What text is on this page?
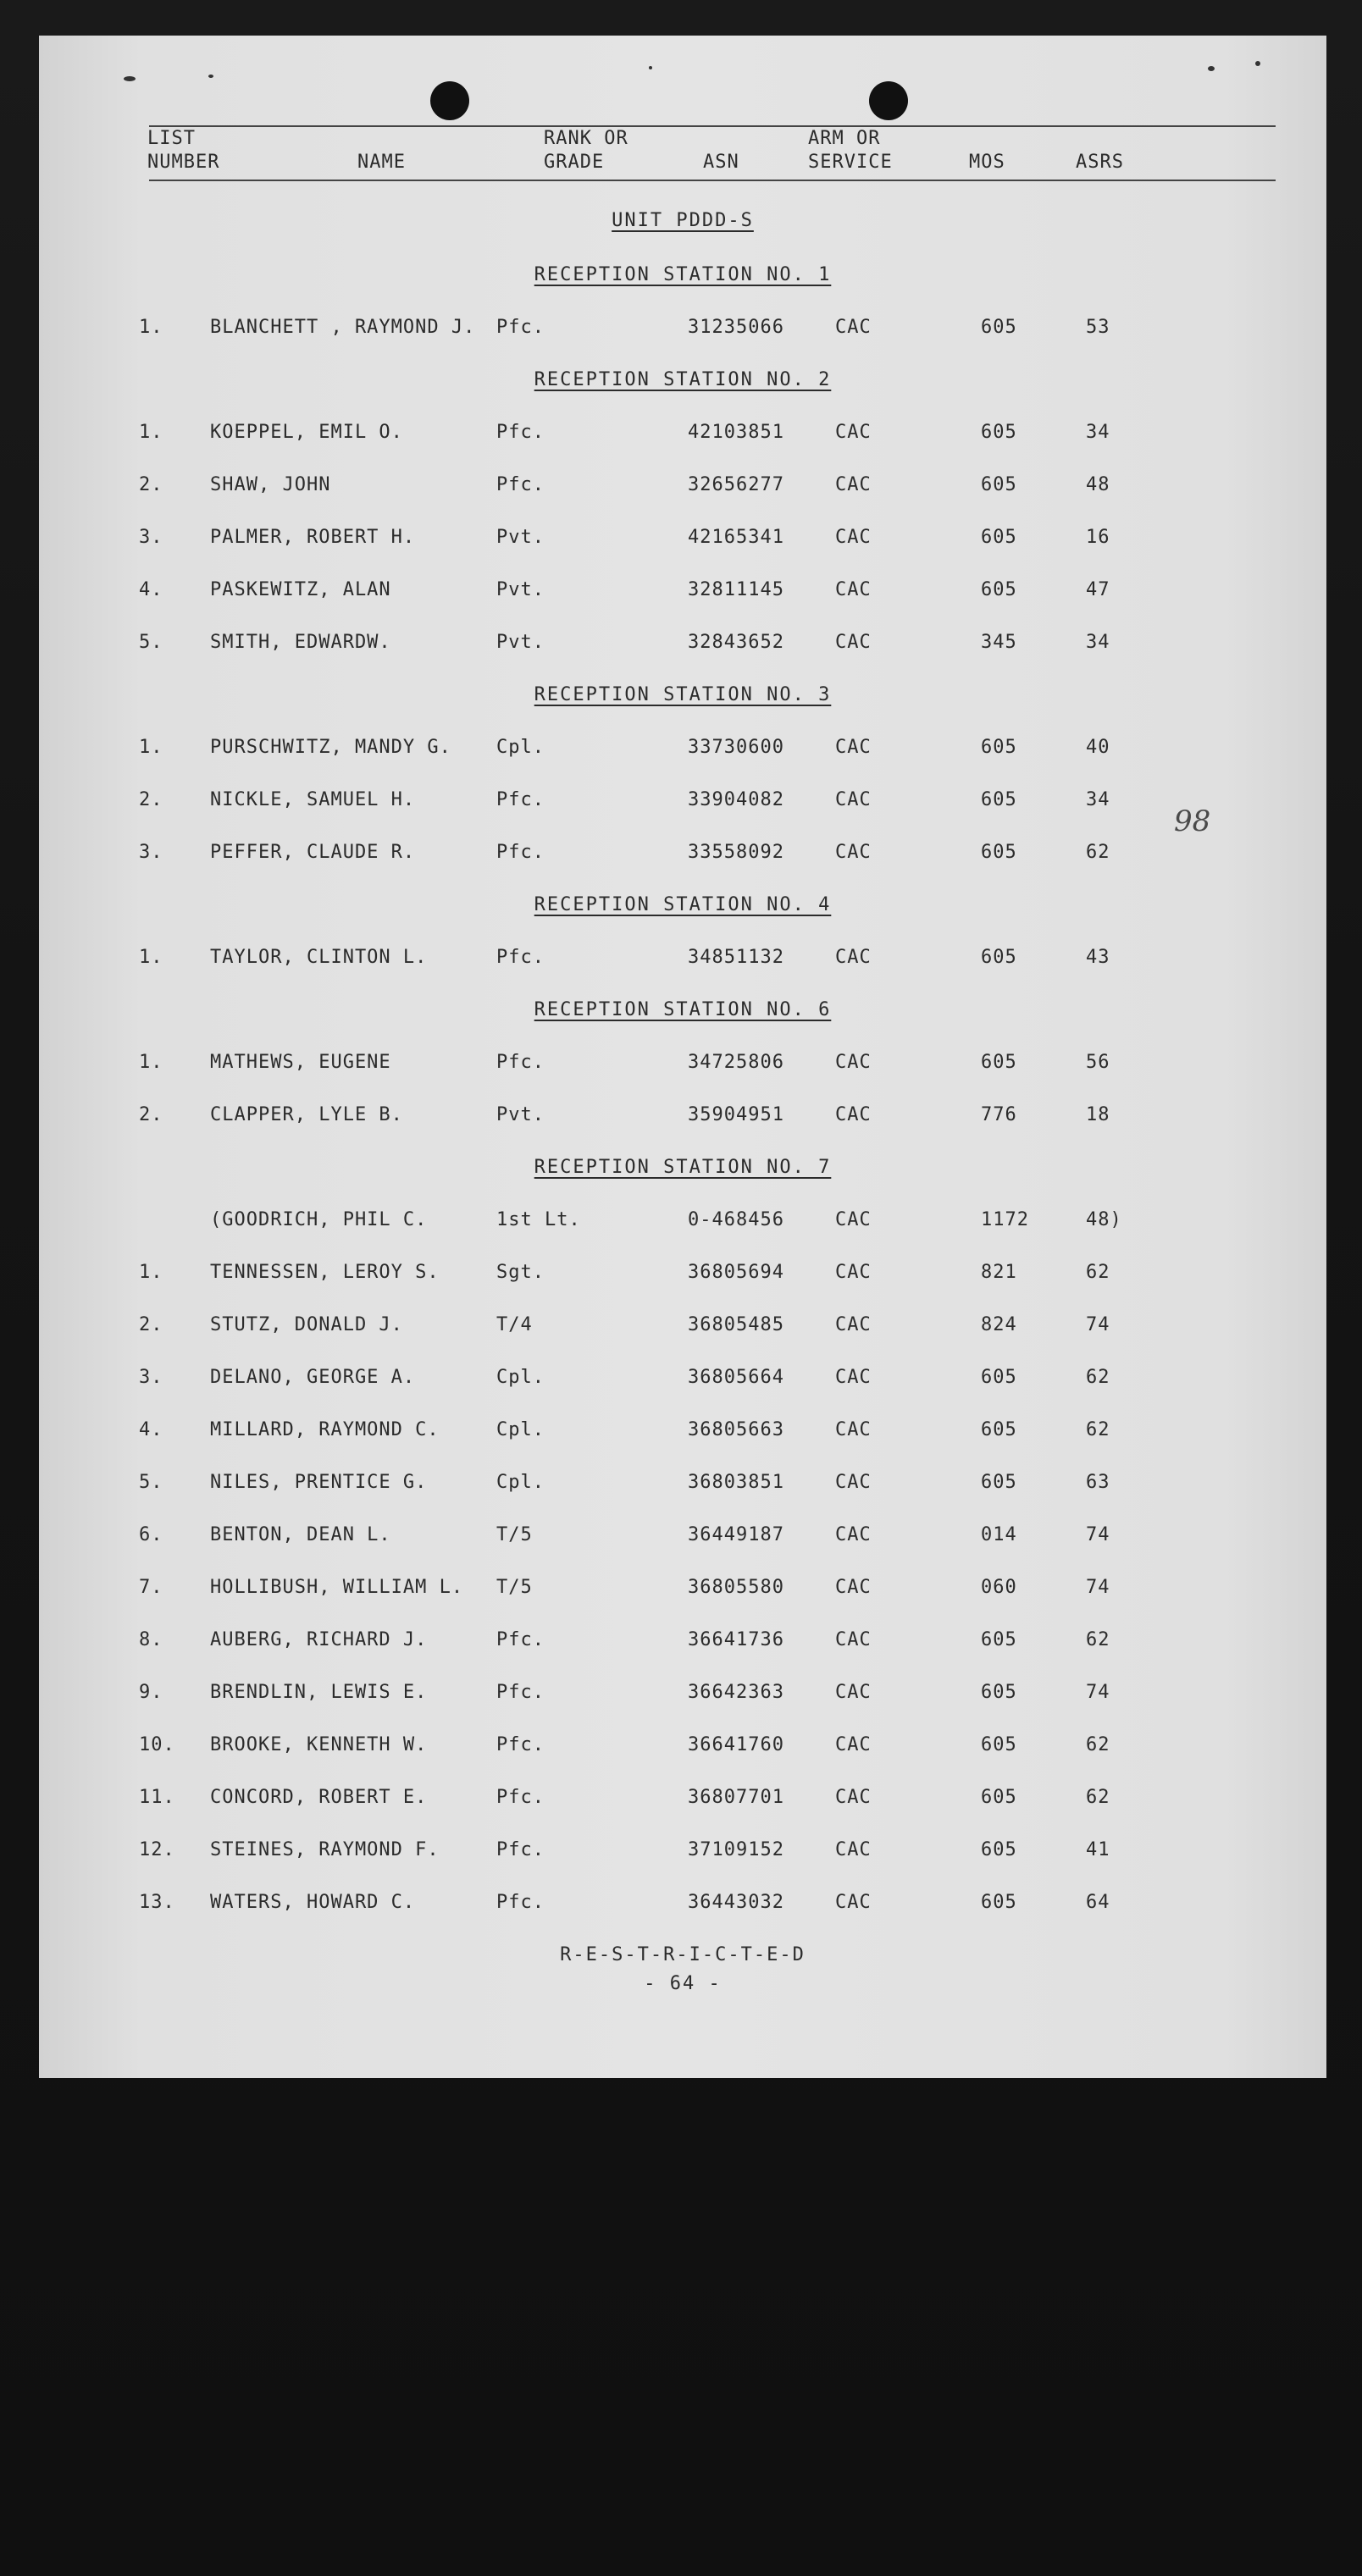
LIST
NUMBER	NAME
RANK OR
GRADE	ASN
ARM OR
SERVICE	MOS	ASRS
UNIT PDDD-S
RECEPTION STATION NO. 1
1.	BLANCHETT , RAYMOND J. Pfc.	31235066	CAC	605	53
RECEPTION STATION NO. 2
1.	KOEPPEL, EMIL O.	Pfc.	42103851	CAC	605	34
2.	SHAW, JOHN	Pfc.	32656277	CAC	605	48
3.	PALMER, ROBERT H.	Pvt.	42165341	CAC	605	16
4.	PASKEWITZ, ALAN	Pvt.	32811145	CAC	605	47
5.	SMITH, EDWARDW.	Pvt.	32843652	CAC	345	34
RECEPTION STATION NO. 3
1.	PURSCHWITZ, MANDY G. Cpl.	33730600	CAC	605	40
2.	NICKLE, SAMUEL H.	Pfc.	33904082	CAC	605	34
3.	PEFFER, CLAUDE R.	Pfc.	33558092	CAC	605	62
RECEPTION STATION NO. 4
1.	TAYLOR, CLINTON L.	Pfc.	34851132	CAC	605	43
RECEPTION STATION NO. 6
1.	MATHEWS, EUGENE	Pfc.	34725806	CAC	605	56
2.	CLAPPER, LYLE B.	Pvt.	35904951	CAC	776	18
RECEPTION STATION NO. 7
(GOODRICH, PHIL C.	1st Lt.	0-468456	CAC	1172	48)
1.	TENNESSEN, LEROY S.	Sgt.	36805694	CAC	821	62
2.	STUTZ, DONALD J.	T/4	36805485	CAC	824	74
3.	DELANO, GEORGE A.	Cpl.	36805664	CAC	605	62
4.	MILLARD, RAYMOND C.	Cpl.	36805663	CAC	605	62
5.	NILES, PRENTICE G.	Cpl.	36803851	CAC	605	63
6.	BENTON, DEAN L.	T/5	36449187	CAC	014	74
7.	HOLLIBUSH, WILLIAM L. T/5	36805580	CAC	060	74
8.	AUBERG, RICHARD J.	Pfc.	36641736	CAC	605	62
9.	BRENDLIN, LEWIS E.	Pfc.	36642363	CAC	605	74
10. BROOKE, KENNETH W.	Pfc.	36641760	CAC	605	62
11. CONCORD, ROBERT E.	Pfc.	36807701	CAC	605	62
12. STEINES, RAYMOND F.	Pfc.	37109152	CAC	605	41
13. WATERS, HOWARD C.	Pfc.	36443032	CAC	605	64
98
R-E-S-T-R-I-C-T-E-D
- 64 -
